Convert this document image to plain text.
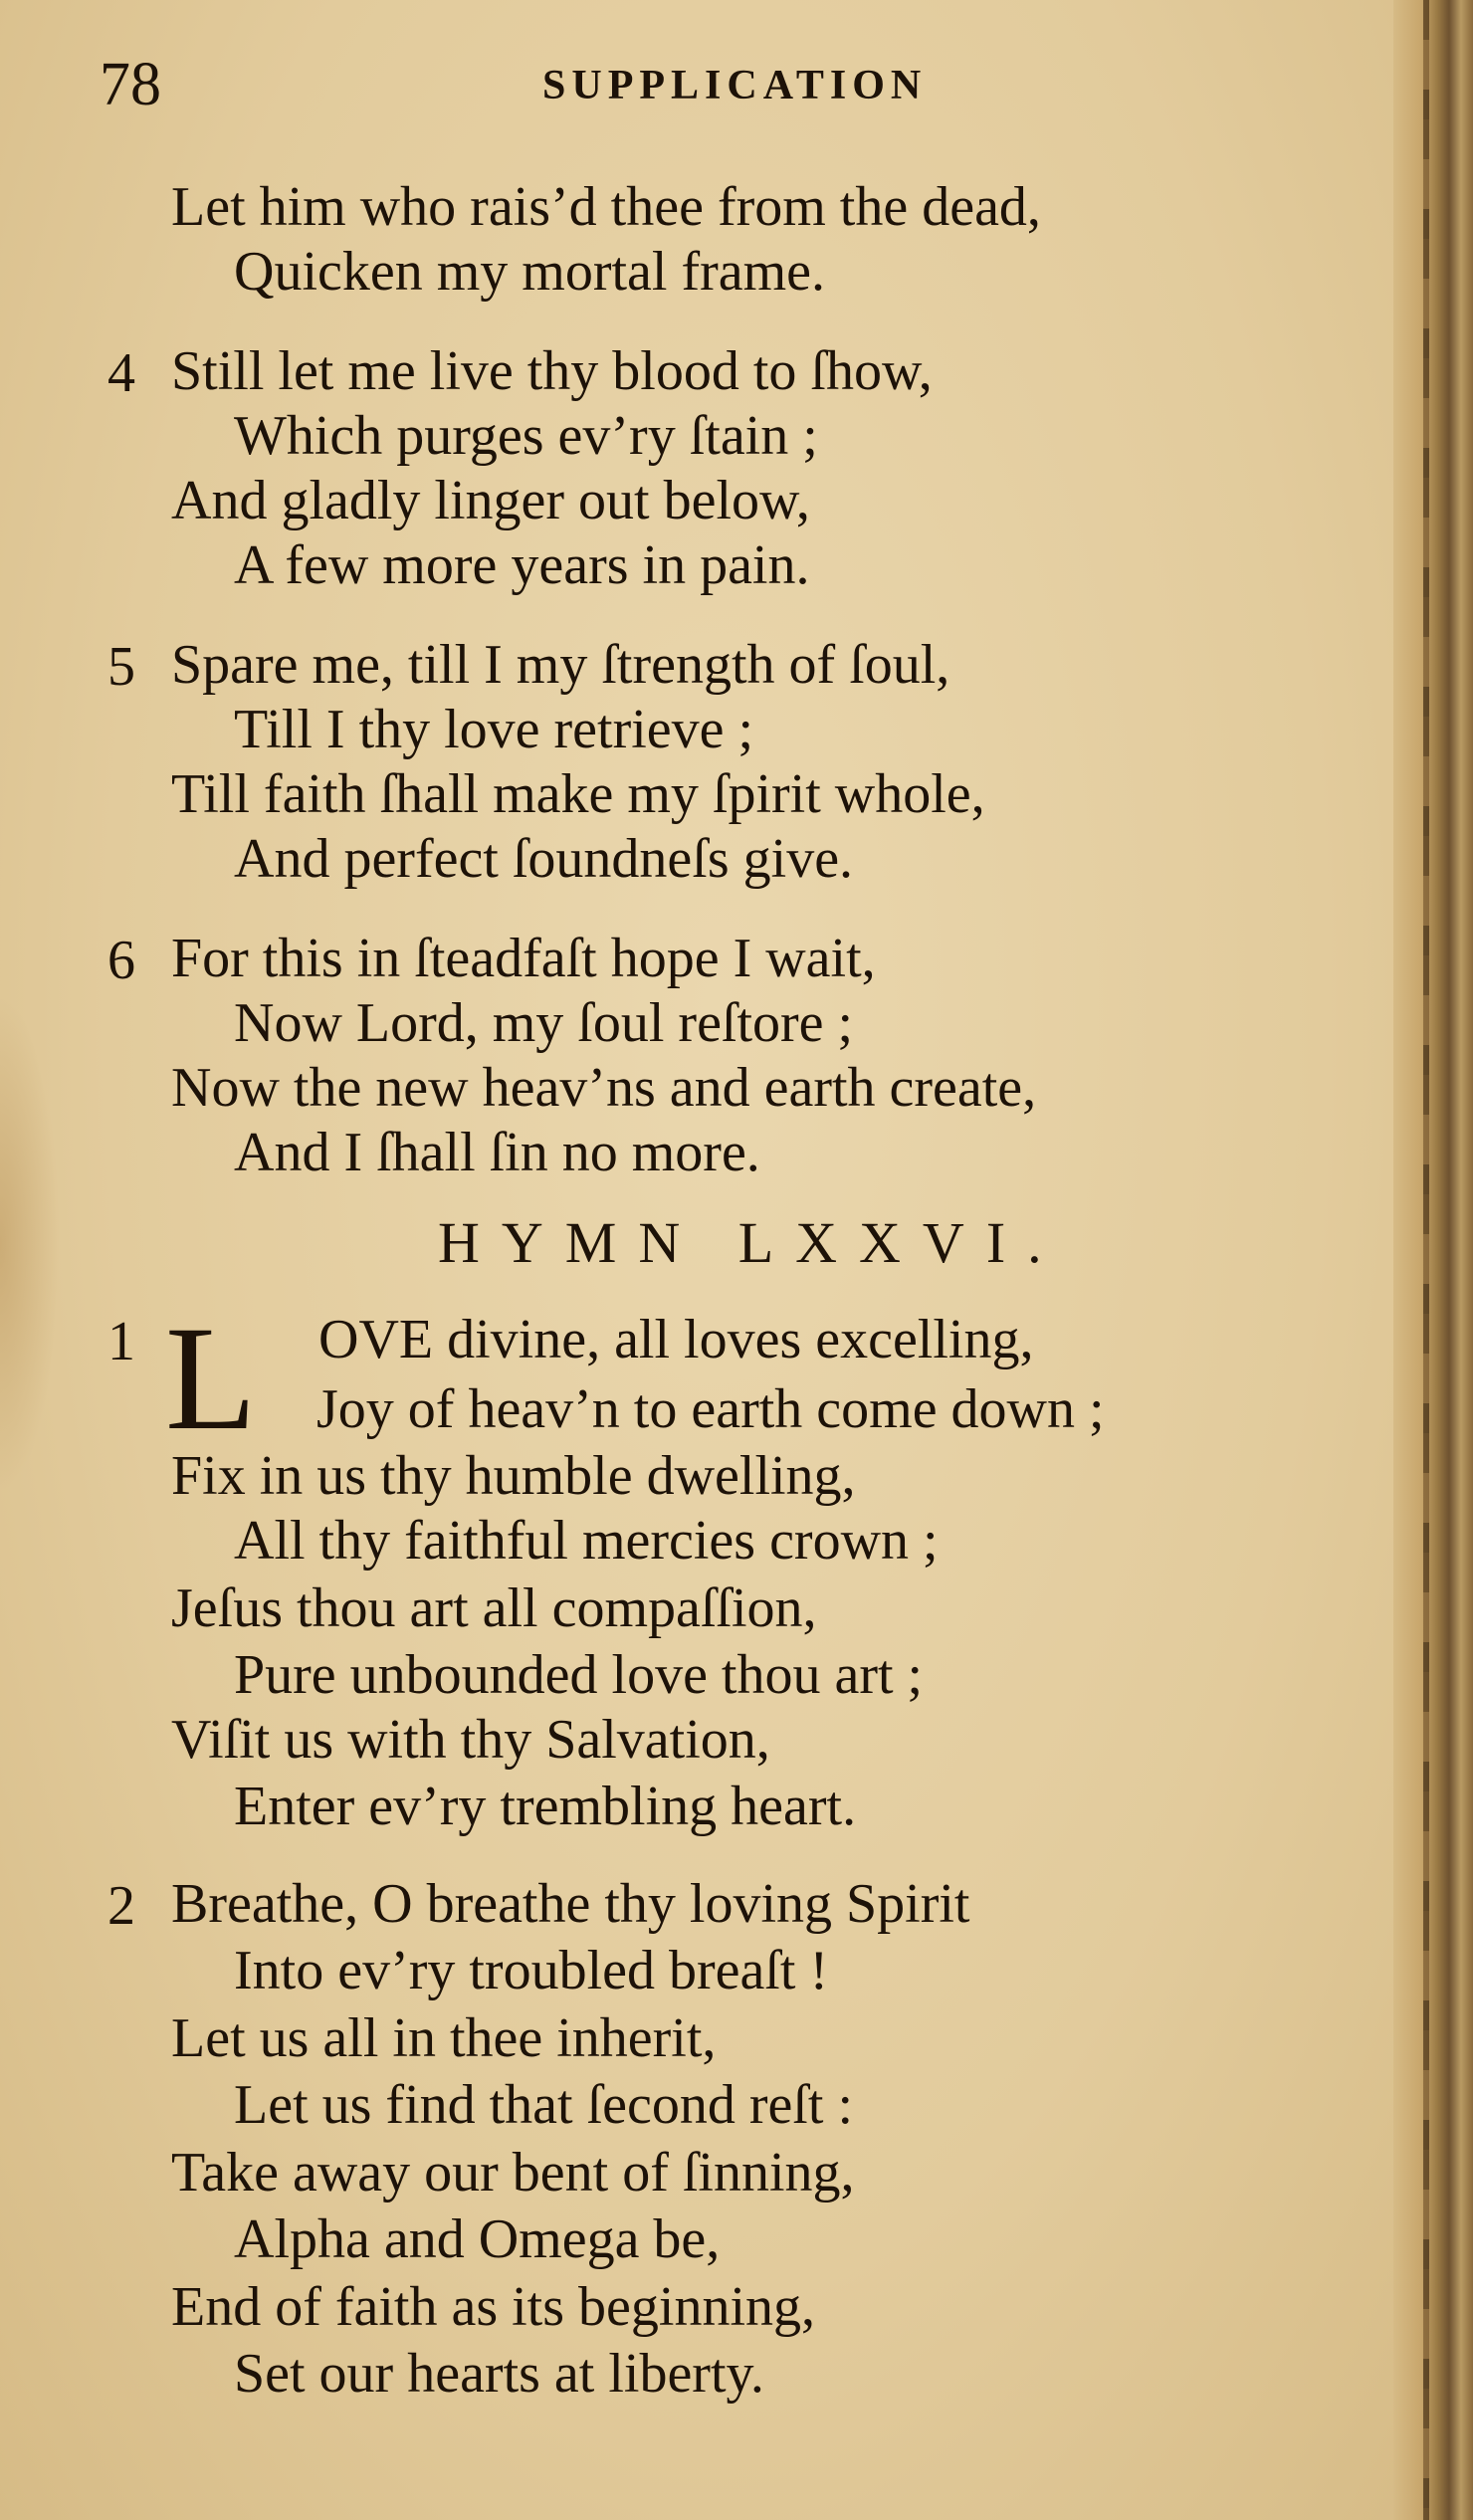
78	SUPPLICATION
Let him who rais’d thee from the dead,
Quicken my mortal frame.
4 Still let me live thy blood to ſhow,
Which purges ev’ry ſtain ;
And gladly linger out below,
A few more years in pain.
5 Spare me, till I my ſtrength of ſoul,
Till I thy love retrieve ;
Till faith ſhall make my ſpirit whole,
And perfect ſoundneſs give.
6 For this in ſteadfaſt hope I wait,
Now Lord, my ſoul reſtore ;
Now the new heav’ns and earth create,
And I ſhall ſin no more.
HYMN LXXVI.
L
1	OVE divine, all loves excelling,
Joy of heav’n to earth come down ;
Fix in us thy humble dwelling,
All thy faithful mercies crown ;
Jeſus thou art all compaſſion,
Pure unbounded love thou art ;
Viſit us with thy Salvation,
Enter ev’ry trembling heart.
2 Breathe, O breathe thy loving Spirit
Into ev’ry troubled breaſt !
Let us all in thee inherit,
Let us find that ſecond reſt :
Take away our bent of ſinning,
Alpha and Omega be,
End of faith as its beginning,
Set our hearts at liberty.
